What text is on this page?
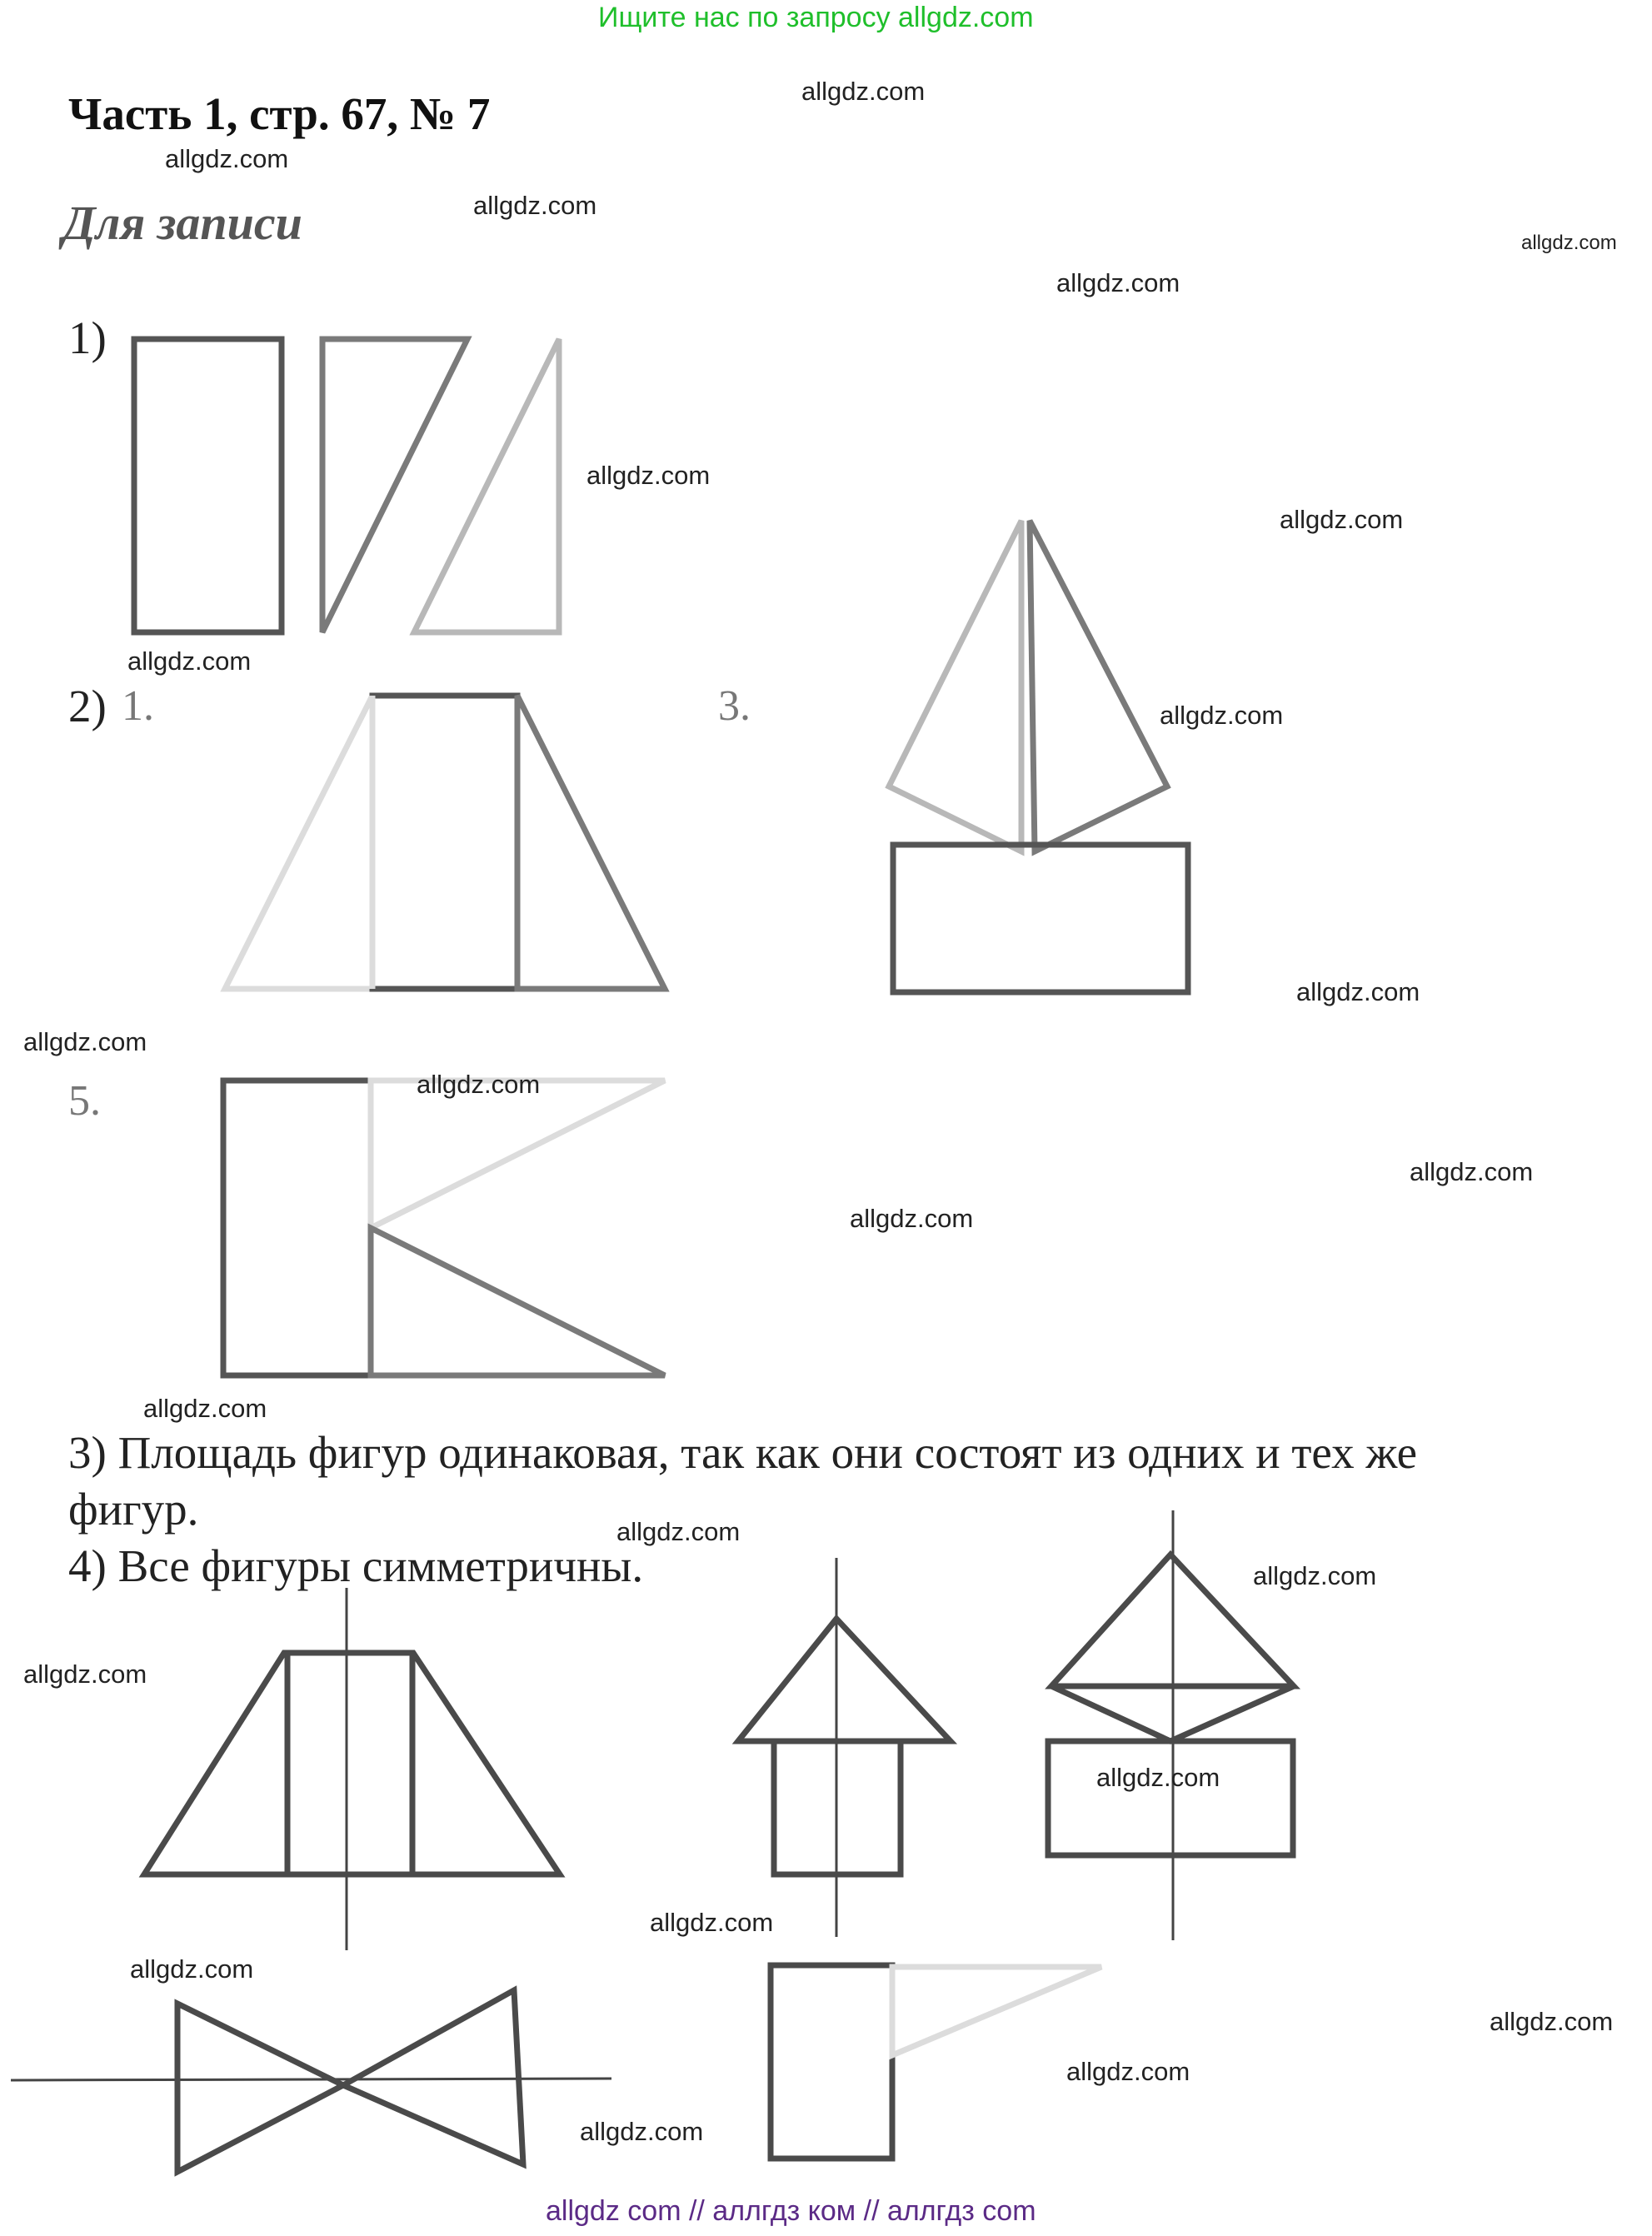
Ищите нас по запросу allgdz.com
Часть 1, стр. 67, № 7
Для записи
1)
2) 1.	3.
5.
3) Площадь фигур одинаковая, так как они состоят из одних и тех же
фигур.
4) Все фигуры симметричны.
allgdz.com
allgdz.com
allgdz.com
allgdz.com
allgdz.com
allgdz.com
allgdz.com
allgdz.com
allgdz.com
allgdz.com
allgdz.com
allgdz.com
allgdz.com
allgdz.com
allgdz.com
allgdz.com
allgdz.com
allgdz.com
allgdz.com
allgdz.com
allgdz.com
allgdz.com
allgdz.com
allgdz.com
allgdz com // аллгдз ком // аллгдз com
